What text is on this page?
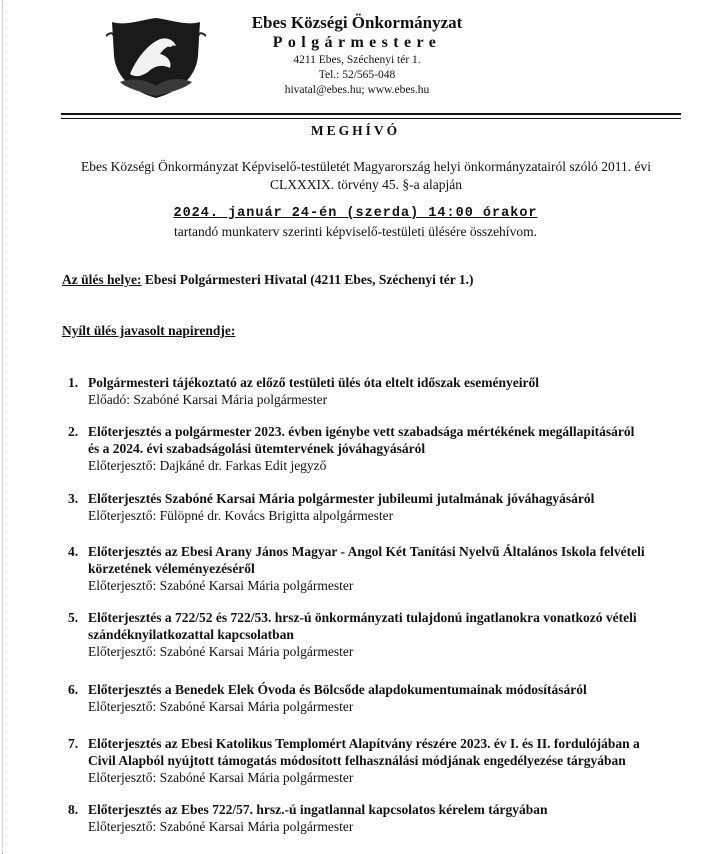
Ebes Községi Önkormányzat
Polgármestere
4211 Ebes, Széchenyi tér 1.
Tel.: 52/565-048
hivatal@ebes.hu; www.ebes.hu
MEGHÍVÓ
Ebes Községi Önkormányzat Képviselő-testületét Magyarország helyi önkormányzatairól szóló 2011. évi CLXXXIX. törvény 45. §-a alapján
2024. január 24-én (szerda) 14:00 órakor
tartandó munkaterv szerinti képviselő-testületi ülésére összehívom.
Az ülés helye: Ebesi Polgármesteri Hivatal (4211 Ebes, Széchenyi tér 1.)
Nyílt ülés javasolt napirendje:
1. Polgármesteri tájékoztató az előző testületi ülés óta eltelt időszak eseményeiről
Előadó: Szabóné Karsai Mária polgármester
2. Előterjesztés a polgármester 2023. évben igénybe vett szabadsága mértékének megállapításáról
és a 2024. évi szabadságolási ütemtervének jóváhagyásáról
Előterjesztő: Dajkáné dr. Farkas Edit jegyző
3. Előterjesztés Szabóné Karsai Mária polgármester jubileumi jutalmának jóváhagyásáról
Előterjesztő: Fülöpné dr. Kovács Brigitta alpolgármester
4. Előterjesztés az Ebesi Arany János Magyar - Angol Két Tanítási Nyelvű Általános Iskola felvételi
körzetének véleményezéséről
Előterjesztő: Szabóné Karsai Mária polgármester
5. Előterjesztés a 722/52 és 722/53. hrsz-ú önkormányzati tulajdonú ingatlanokra vonatkozó vételi
szándéknyilatkozattal kapcsolatban
Előterjesztő: Szabóné Karsai Mária polgármester
6. Előterjesztés a Benedek Elek Óvoda és Bölcsőde alapdokumentumainak módosításáról
Előterjesztő: Szabóné Karsai Mária polgármester
7. Előterjesztés az Ebesi Katolikus Templomért Alapítvány részére 2023. év I. és II. fordulójában a
Civil Alapból nyújtott támogatás módosított felhasználási módjának engedélyezése tárgyában
Előterjesztő: Szabóné Karsai Mária polgármester
8. Előterjesztés az Ebes 722/57. hrsz.-ú ingatlannal kapcsolatos kérelem tárgyában
Előterjesztő: Szabóné Karsai Mária polgármester
